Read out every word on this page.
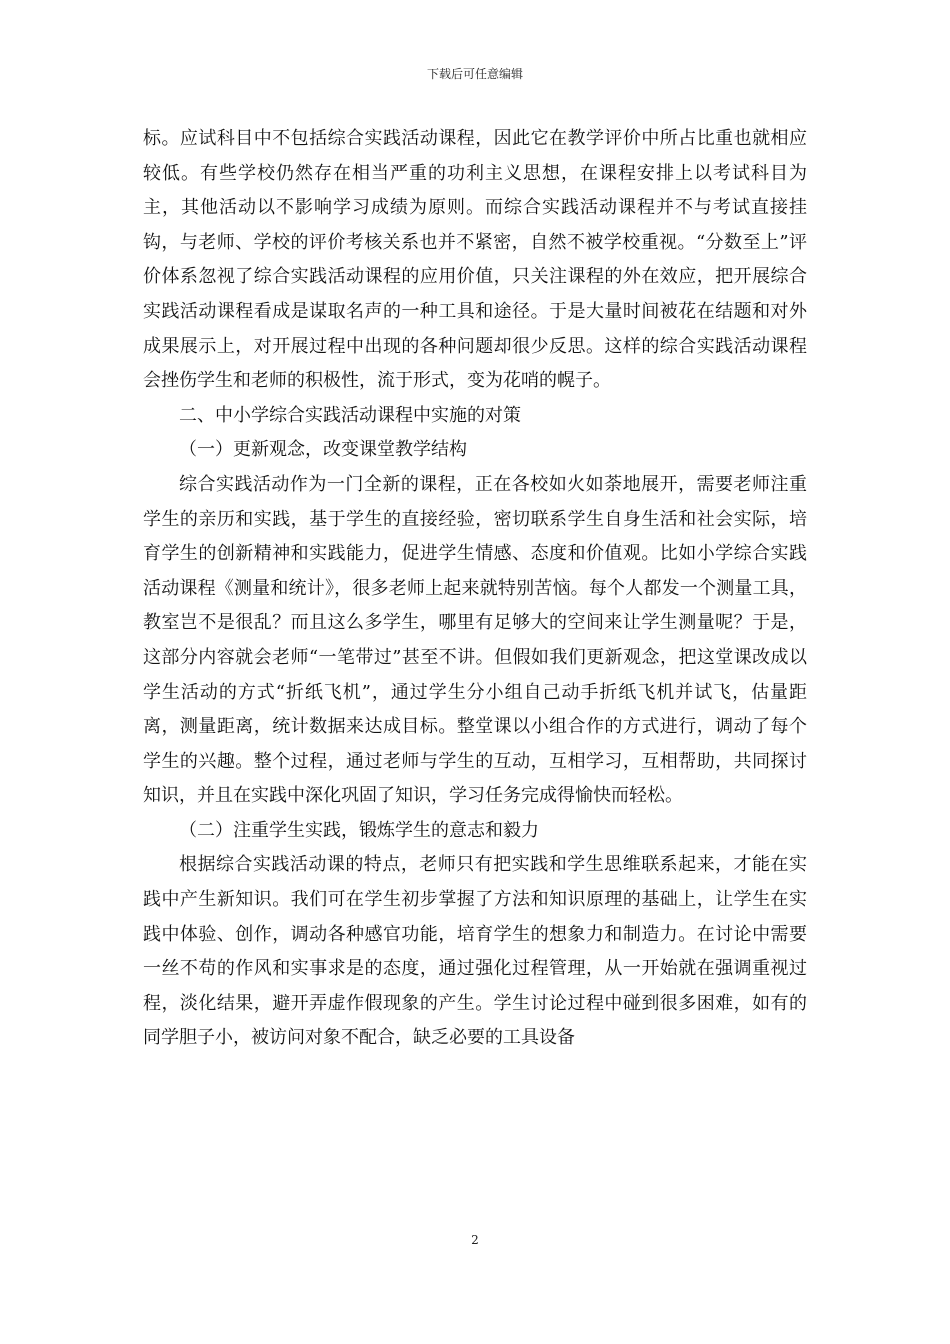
下载后可任意编辑

标。应试科目中不包括综合实践活动课程，因此它在教学评价中所占比重也就相应较低。有些学校仍然存在相当严重的功利主义思想，在课程安排上以考试科目为主，其他活动以不影响学习成绩为原则。而综合实践活动课程并不与考试直接挂钩，与老师、学校的评价考核关系也并不紧密，自然不被学校重视。“分数至上”评价体系忽视了综合实践活动课程的应用价值，只关注课程的外在效应，把开展综合实践活动课程看成是谋取名声的一种工具和途径。于是大量时间被花在结题和对外成果展示上，对开展过程中出现的各种问题却很少反思。这样的综合实践活动课程会挫伤学生和老师的积极性，流于形式，变为花哨的幌子。

二、中小学综合实践活动课程中实施的对策

（一）更新观念，改变课堂教学结构

综合实践活动作为一门全新的课程，正在各校如火如荼地展开，需要老师注重学生的亲历和实践，基于学生的直接经验，密切联系学生自身生活和社会实际，培育学生的创新精神和实践能力，促进学生情感、态度和价值观。比如小学综合实践活动课程《测量和统计》，很多老师上起来就特别苦恼。每个人都发一个测量工具，教室岂不是很乱？而且这么多学生，哪里有足够大的空间来让学生测量呢？于是，这部分内容就会老师“一笔带过”甚至不讲。但假如我们更新观念，把这堂课改成以学生活动的方式“折纸飞机”，通过学生分小组自己动手折纸飞机并试飞，估量距离，测量距离，统计数据来达成目标。整堂课以小组合作的方式进行，调动了每个学生的兴趣。整个过程，通过老师与学生的互动，互相学习，互相帮助，共同探讨知识，并且在实践中深化巩固了知识，学习任务完成得愉快而轻松。

（二）注重学生实践，锻炼学生的意志和毅力

根据综合实践活动课的特点，老师只有把实践和学生思维联系起来，才能在实践中产生新知识。我们可在学生初步掌握了方法和知识原理的基础上，让学生在实践中体验、创作，调动各种感官功能，培育学生的想象力和制造力。在讨论中需要一丝不苟的作风和实事求是的态度，通过强化过程管理，从一开始就在强调重视过程，淡化结果，避开弄虚作假现象的产生。学生讨论过程中碰到很多困难，如有的同学胆子小，被访问对象不配合，缺乏必要的工具设备

2
